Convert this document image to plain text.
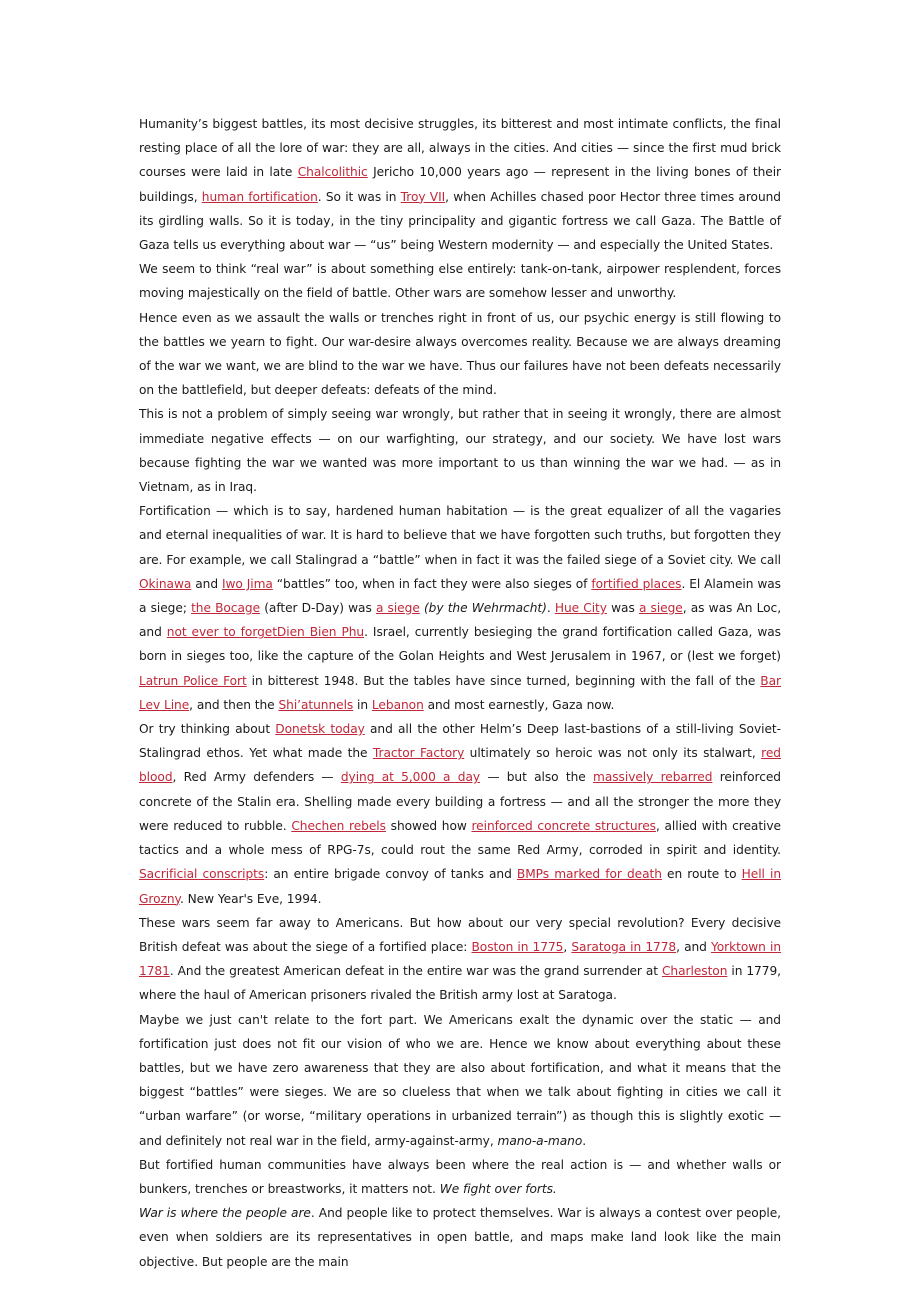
Humanity’s biggest battles, its most decisive struggles, its bitterest and most intimate conflicts, the final resting place of all the lore of war: they are all, always in the cities. And cities — since the first mud brick courses were laid in late Chalcolithic Jericho 10,000 years ago — represent in the living bones of their buildings, human fortification. So it was in Troy VII, when Achilles chased poor Hector three times around its girdling walls. So it is today, in the tiny principality and gigantic fortress we call Gaza. The Battle of Gaza tells us everything about war — “us” being Western modernity — and especially the United States.

We seem to think “real war” is about something else entirely: tank-on-tank, airpower resplendent, forces moving majestically on the field of battle. Other wars are somehow lesser and unworthy.

Hence even as we assault the walls or trenches right in front of us, our psychic energy is still flowing to the battles we yearn to fight. Our war-desire always overcomes reality. Because we are always dreaming of the war we want, we are blind to the war we have. Thus our failures have not been defeats necessarily on the battlefield, but deeper defeats: defeats of the mind.

This is not a problem of simply seeing war wrongly, but rather that in seeing it wrongly, there are almost immediate negative effects — on our warfighting, our strategy, and our society. We have lost wars because fighting the war we wanted was more important to us than winning the war we had. — as in Vietnam, as in Iraq.

Fortification — which is to say, hardened human habitation — is the great equalizer of all the vagaries and eternal inequalities of war. It is hard to believe that we have forgotten such truths, but forgotten they are. For example, we call Stalingrad a “battle” when in fact it was the failed siege of a Soviet city. We call Okinawa and Iwo Jima “battles” too, when in fact they were also sieges of fortified places. El Alamein was a siege; the Bocage (after D-Day) was a siege (by the Wehrmacht). Hue City was a siege, as was An Loc, and not ever to forgetDien Bien Phu. Israel, currently besieging the grand fortification called Gaza, was born in sieges too, like the capture of the Golan Heights and West Jerusalem in 1967, or (lest we forget) Latrun Police Fort in bitterest 1948. But the tables have since turned, beginning with the fall of the Bar Lev Line, and then the Shi’atunnels in Lebanon and most earnestly, Gaza now.

Or try thinking about Donetsk today and all the other Helm’s Deep last-bastions of a still-living Soviet-Stalingrad ethos. Yet what made the Tractor Factory ultimately so heroic was not only its stalwart, red blood, Red Army defenders — dying at 5,000 a day — but also the massively rebarred reinforced concrete of the Stalin era. Shelling made every building a fortress — and all the stronger the more they were reduced to rubble. Chechen rebels showed how reinforced concrete structures, allied with creative tactics and a whole mess of RPG-7s, could rout the same Red Army, corroded in spirit and identity. Sacrificial conscripts: an entire brigade convoy of tanks and BMPs marked for death en route to Hell in Grozny. New Year's Eve, 1994.

These wars seem far away to Americans. But how about our very special revolution? Every decisive British defeat was about the siege of a fortified place: Boston in 1775, Saratoga in 1778, and Yorktown in 1781. And the greatest American defeat in the entire war was the grand surrender at Charleston in 1779, where the haul of American prisoners rivaled the British army lost at Saratoga.

Maybe we just can't relate to the fort part. We Americans exalt the dynamic over the static — and fortification just does not fit our vision of who we are. Hence we know about everything about these battles, but we have zero awareness that they are also about fortification, and what it means that the biggest “battles” were sieges. We are so clueless that when we talk about fighting in cities we call it “urban warfare” (or worse, “military operations in urbanized terrain”) as though this is slightly exotic — and definitely not real war in the field, army-against-army, mano-a-mano.

But fortified human communities have always been where the real action is — and whether walls or bunkers, trenches or breastworks, it matters not. We fight over forts.

War is where the people are. And people like to protect themselves. War is always a contest over people, even when soldiers are its representatives in open battle, and maps make land look like the main objective. But people are the main
